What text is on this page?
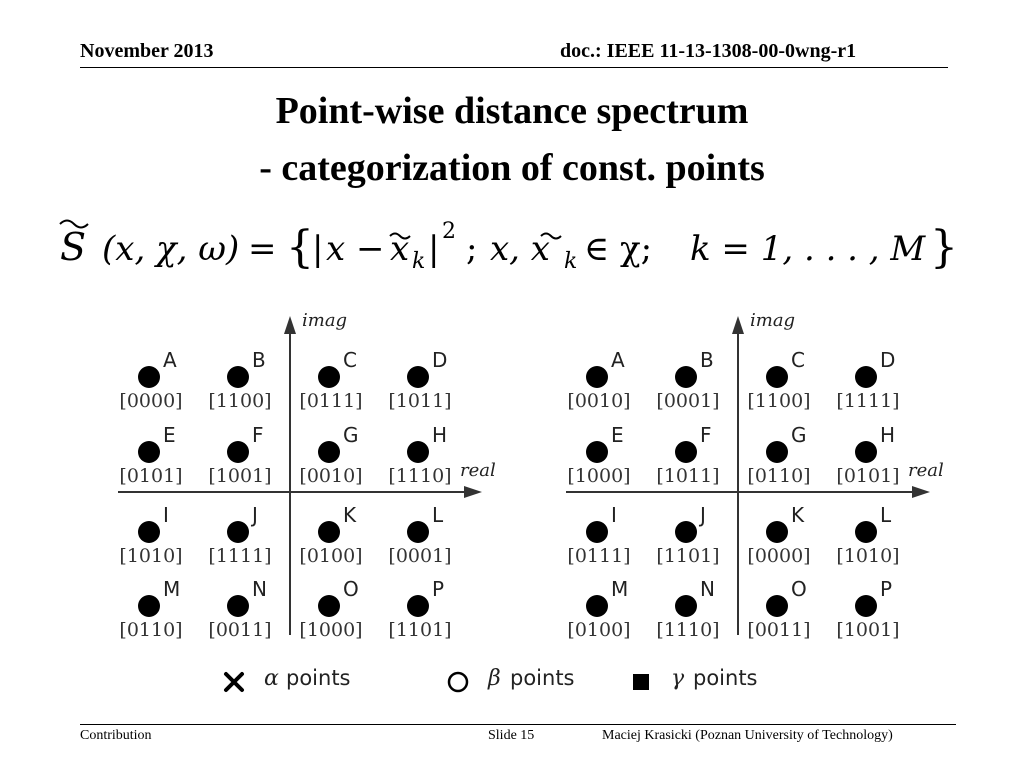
November 2013	doc.: IEEE 11-13-1308-00-0wng-r1
Point-wise distance spectrum
- categorization of const. points
S (x, χ, ω) = {
| x − x k | 2 ; x, x k ∈ χ; k = 1, . . . , M }
imag
real
A
[0000]
B
[1100]
C
[0111]
D
[1011]
E
[0101]
F
[1001]
G
[0010]
H
[1110]
I
[1010]
J
[1111]
K
[0100]
L
[0001]
M
[0110]
N
[0011]
O
[1000]
P
[1101]
imag
real
A
[0010]
B
[0001]
C
[1100]
D
[1111]
E
[1000]
F
[1011]
G
[0110]
H
[0101]
I
[0111]
J
[1101]
K
[0000]
L
[1010]
M
[0100]
N
[1110]
O
[0011]
P
[1001]
α points	β points	γ points
Contribution	Slide 15	Maciej Krasicki (Poznan University of Technology)
